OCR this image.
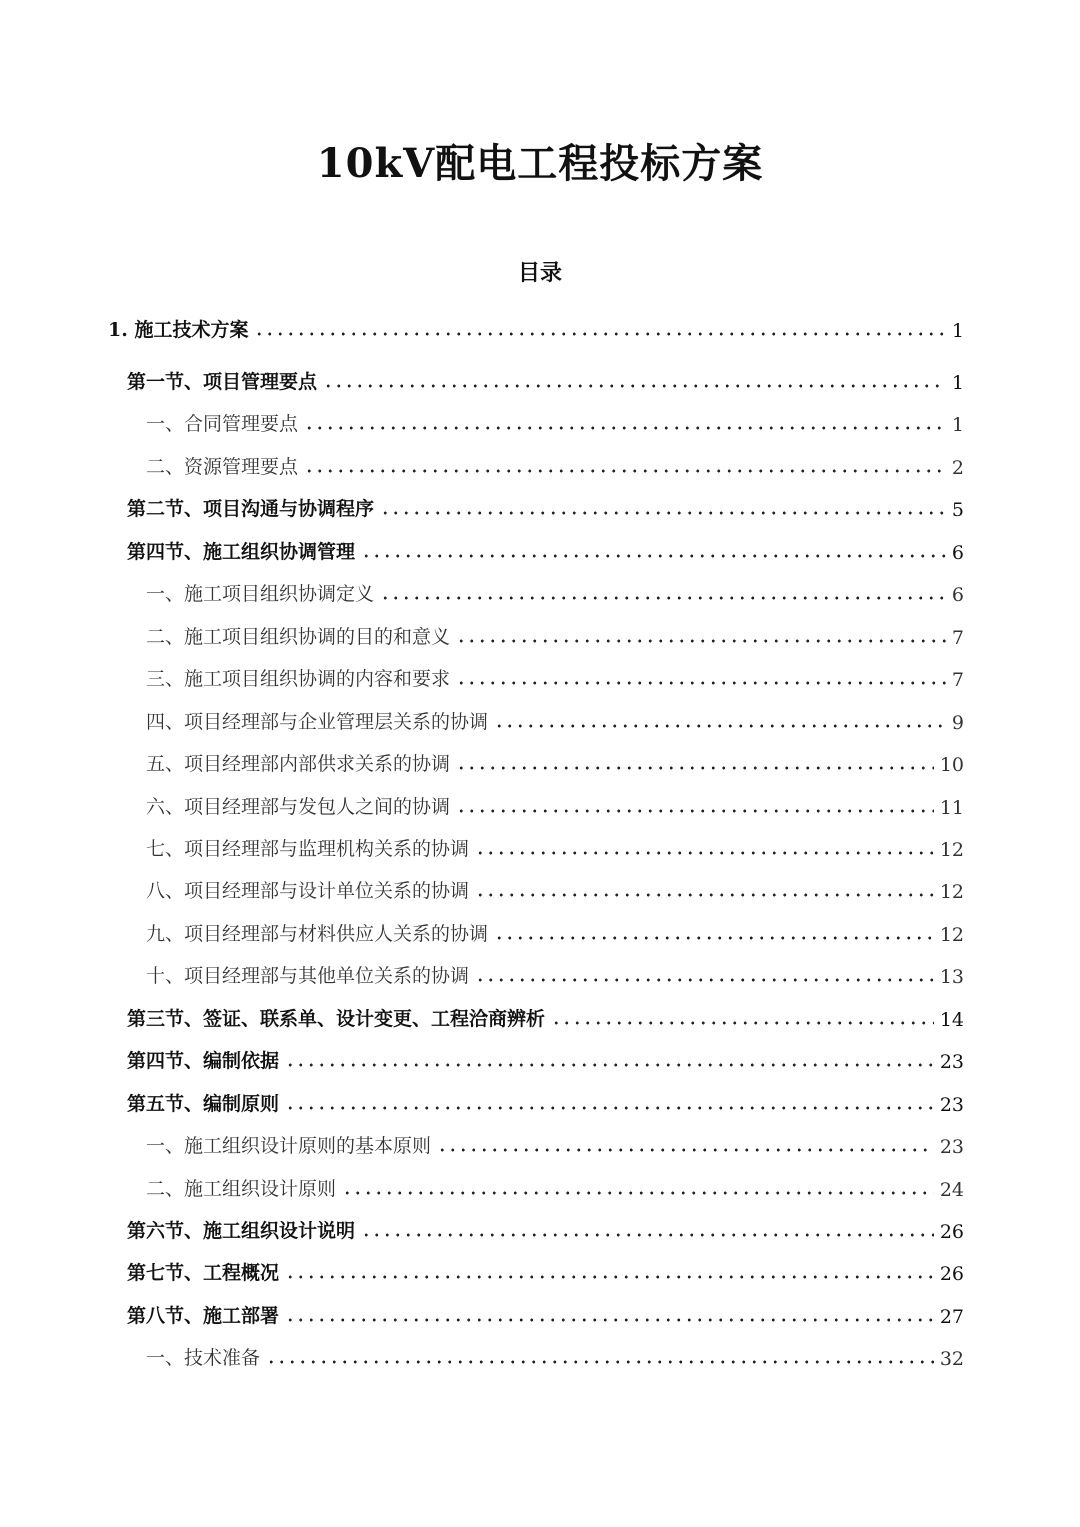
10kV配电工程投标方案
目录
1. 施工技术方案	1
第一节、项目管理要点	1
一、合同管理要点	1
二、资源管理要点	2
第二节、项目沟通与协调程序	5
第四节、施工组织协调管理	6
一、施工项目组织协调定义	6
二、施工项目组织协调的目的和意义	7
三、施工项目组织协调的内容和要求	7
四、项目经理部与企业管理层关系的协调	9
五、项目经理部内部供求关系的协调	10
六、项目经理部与发包人之间的协调	11
七、项目经理部与监理机构关系的协调	12
八、项目经理部与设计单位关系的协调	12
九、项目经理部与材料供应人关系的协调	12
十、项目经理部与其他单位关系的协调	13
第三节、签证、联系单、设计变更、工程洽商辨析	14
第四节、编制依据	23
第五节、编制原则	23
一、施工组织设计原则的基本原则	23
二、施工组织设计原则	24
第六节、施工组织设计说明	26
第七节、工程概况	26
第八节、施工部署	27
一、技术准备	32
